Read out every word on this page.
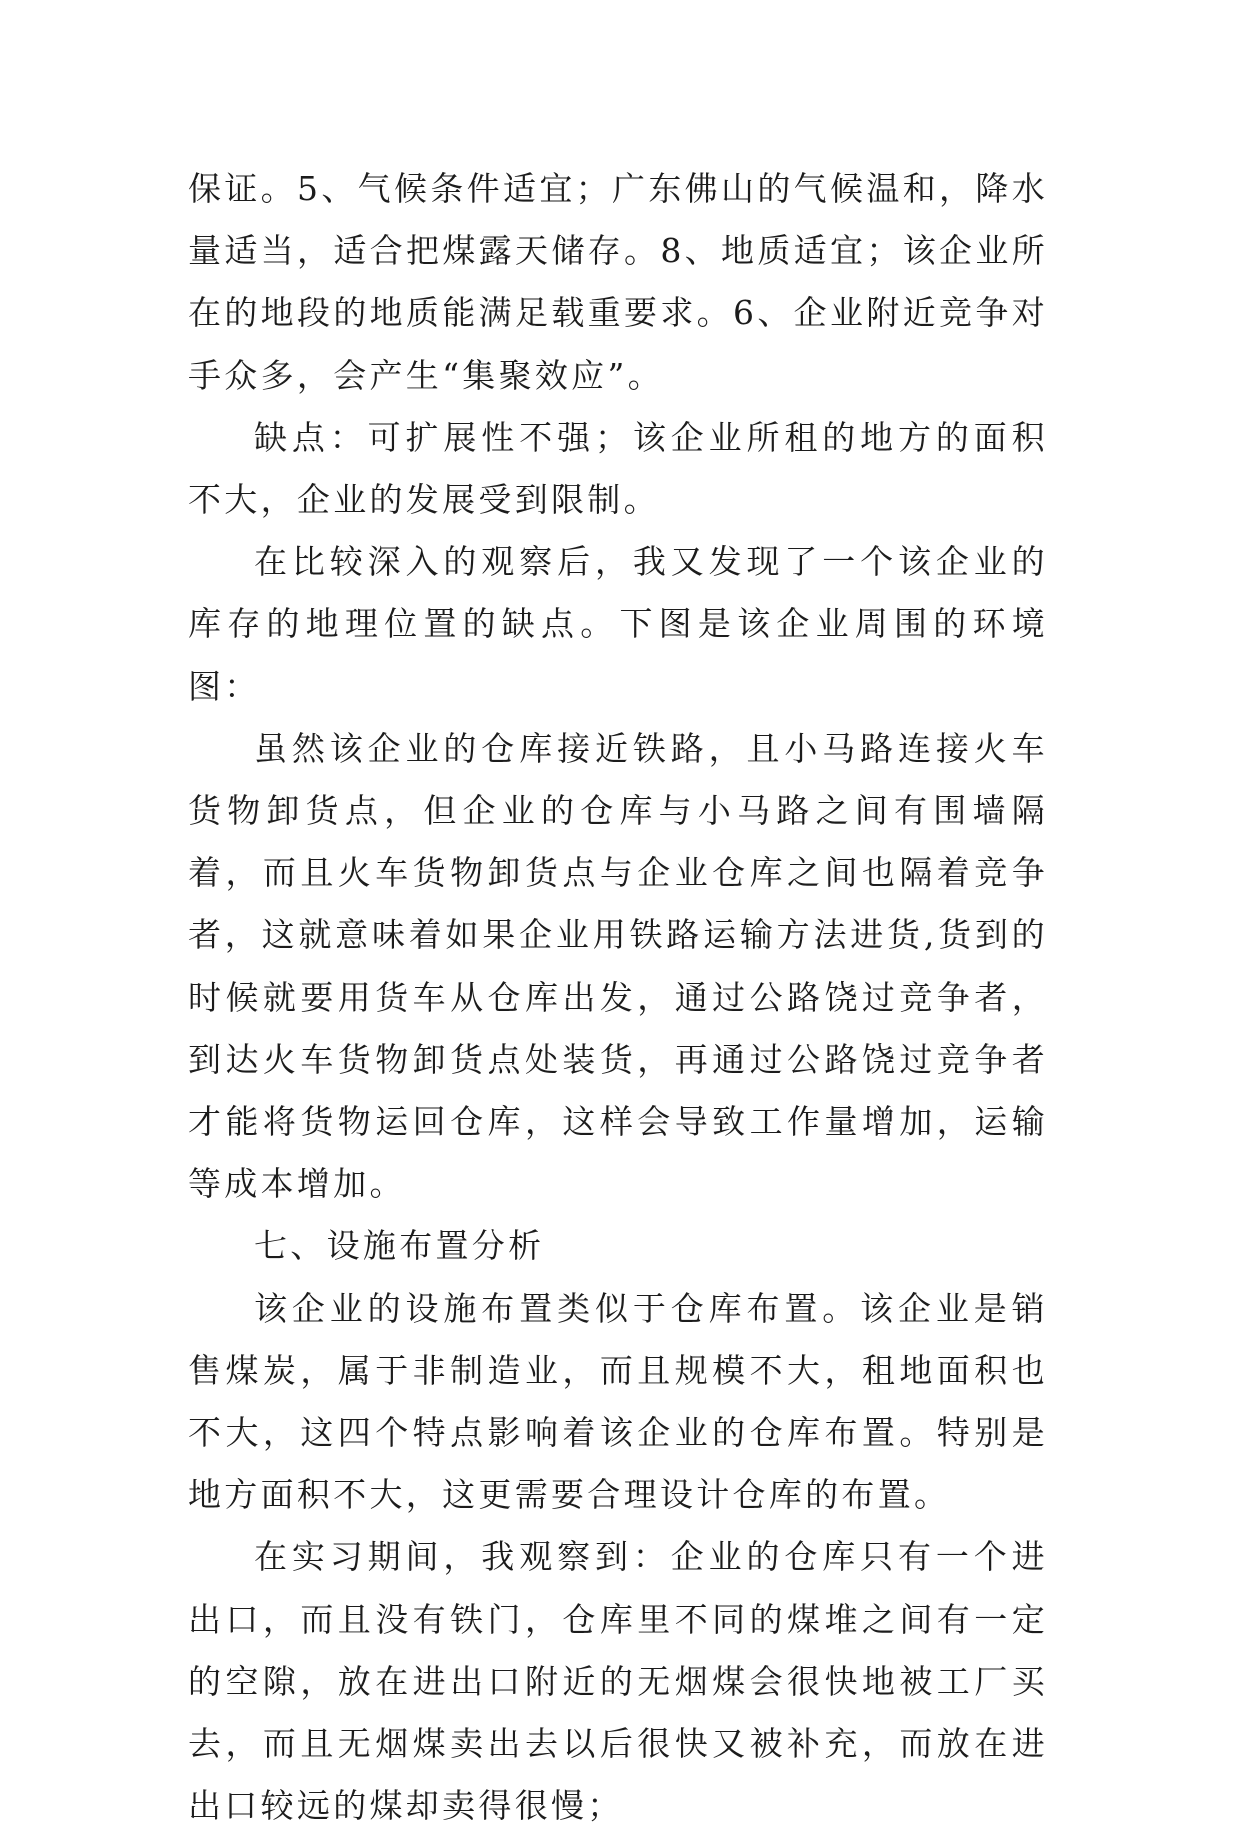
保证。5、气候条件适宜；广东佛山的气候温和，降水量适当，适合把煤露天储存。8、地质适宜；该企业所在的地段的地质能满足载重要求。6、企业附近竞争对手众多，会产生“集聚效应”。

缺点：可扩展性不强；该企业所租的地方的面积不大，企业的发展受到限制。

在比较深入的观察后，我又发现了一个该企业的库存的地理位置的缺点。下图是该企业周围的环境图：

虽然该企业的仓库接近铁路，且小马路连接火车货物卸货点，但企业的仓库与小马路之间有围墙隔着，而且火车货物卸货点与企业仓库之间也隔着竞争者，这就意味着如果企业用铁路运输方法进货,货到的时候就要用货车从仓库出发，通过公路饶过竞争者，到达火车货物卸货点处装货，再通过公路饶过竞争者才能将货物运回仓库，这样会导致工作量增加，运输等成本增加。

七、设施布置分析

该企业的设施布置类似于仓库布置。该企业是销售煤炭，属于非制造业，而且规模不大，租地面积也不大，这四个特点影响着该企业的仓库布置。特别是地方面积不大，这更需要合理设计仓库的布置。

在实习期间，我观察到：企业的仓库只有一个进出口，而且没有铁门，仓库里不同的煤堆之间有一定的空隙，放在进出口附近的无烟煤会很快地被工厂买去，而且无烟煤卖出去以后很快又被补充，而放在进出口较远的煤却卖得很慢；
